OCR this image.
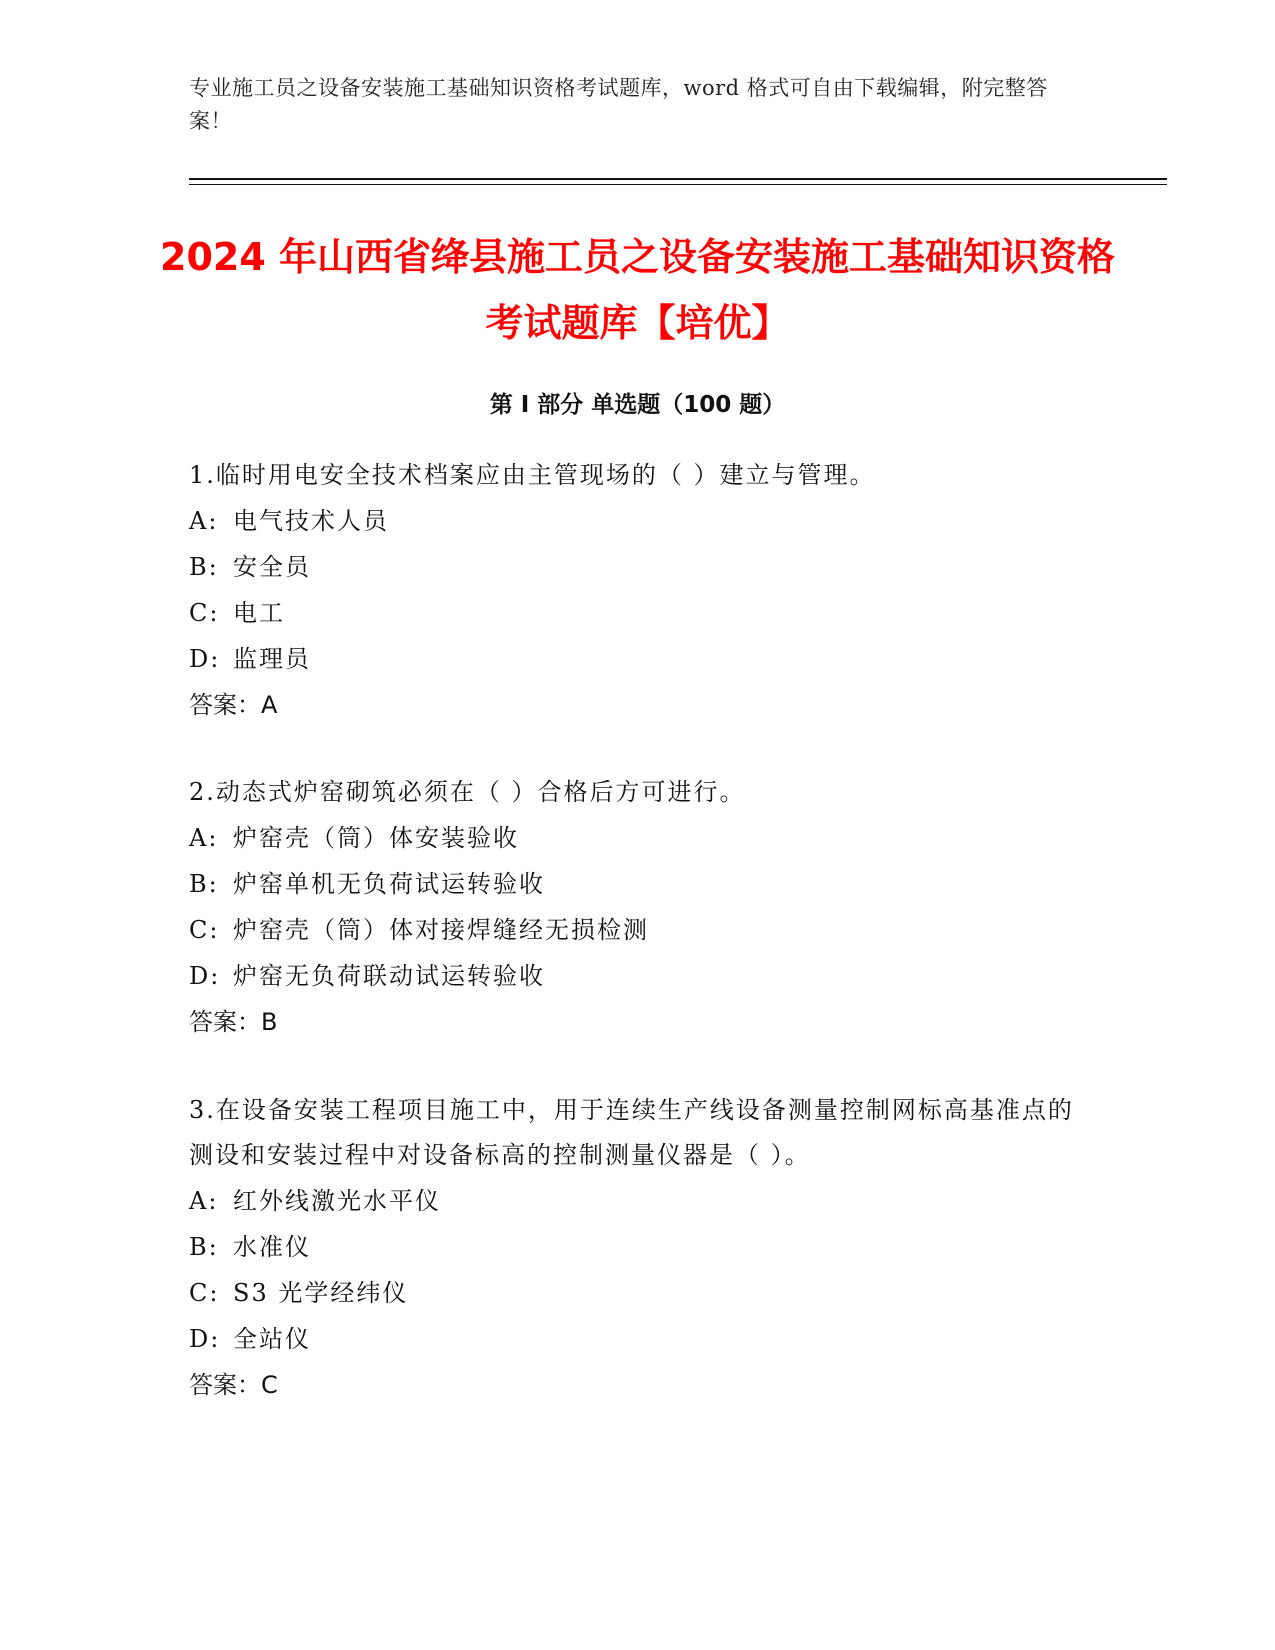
专业施工员之设备安装施工基础知识资格考试题库，word 格式可自由下载编辑，附完整答案！
2024 年山西省绛县施工员之设备安装施工基础知识资格考试题库【培优】
第 I 部分 单选题（100 题）
1.临时用电安全技术档案应由主管现场的（ ）建立与管理。
A: 电气技术人员
B: 安全员
C: 电工
D: 监理员
答案：A
2.动态式炉窑砌筑必须在（ ）合格后方可进行。
A: 炉窑壳（筒）体安装验收
B: 炉窑单机无负荷试运转验收
C: 炉窑壳（筒）体对接焊缝经无损检测
D: 炉窑无负荷联动试运转验收
答案：B
3.在设备安装工程项目施工中，用于连续生产线设备测量控制网标高基准点的测设和安装过程中对设备标高的控制测量仪器是（ ）。
A: 红外线激光水平仪
B: 水准仪
C: S3 光学经纬仪
D: 全站仪
答案：C
